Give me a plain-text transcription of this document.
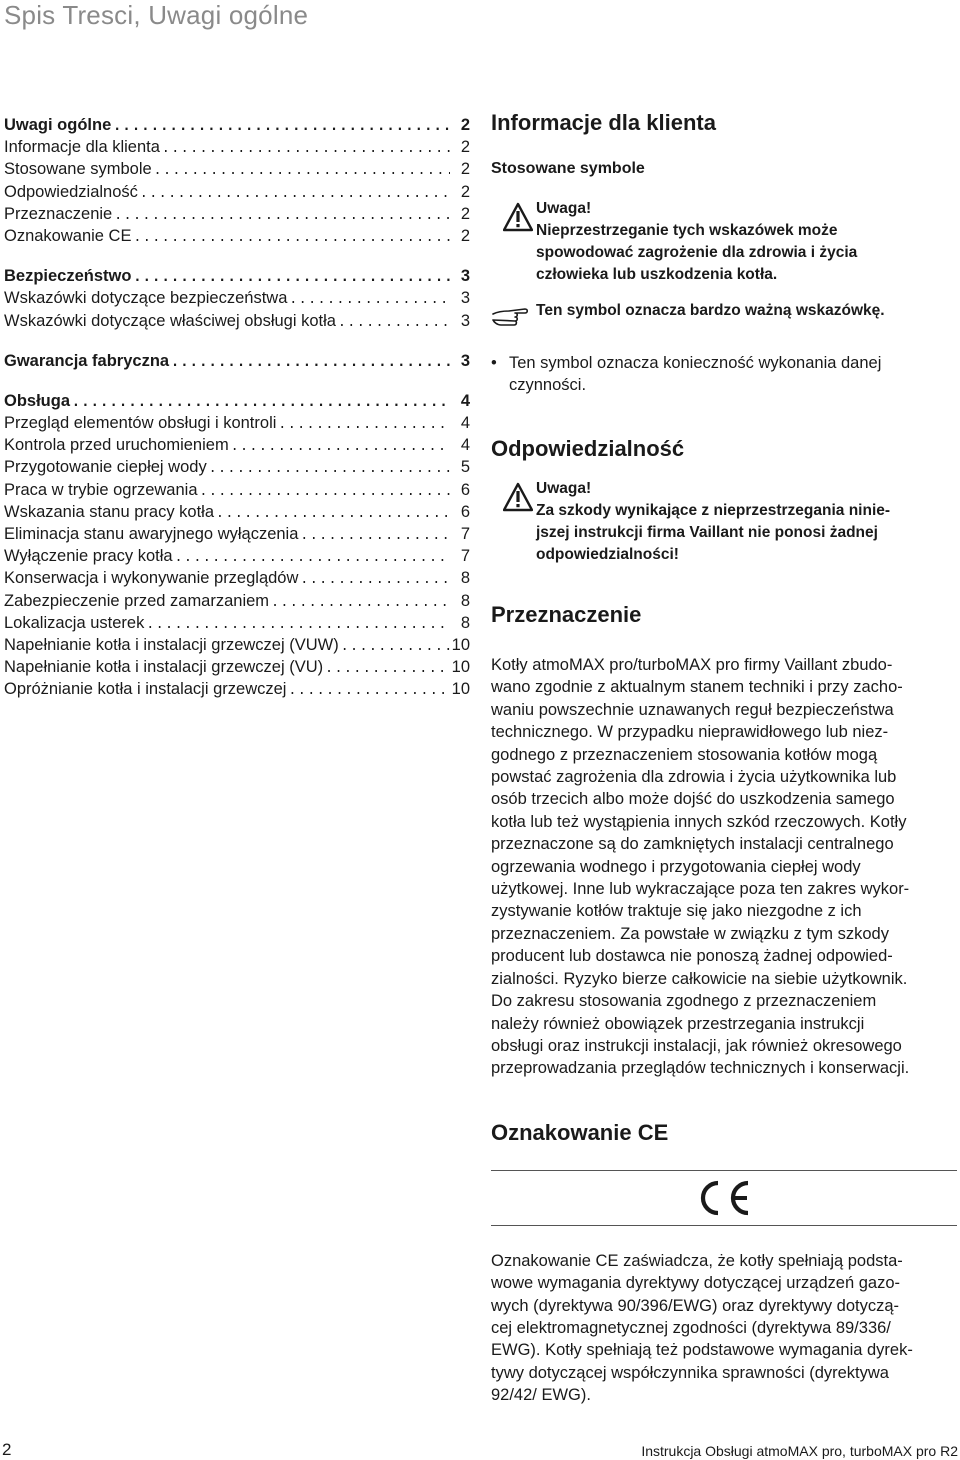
Spis Tresci, Uwagi ogólne
Uwagi ogólne .....	2
Informacje dla klienta .....	2
Stosowane symbole .....	2
Odpowiedzialność .....	2
Przeznaczenie .....	2
Oznakowanie CE .....	2
Bezpieczeństwo .....	3
Wskazówki dotyczące bezpieczeństwa .....	3
Wskazówki dotyczące właściwej obsługi kotła .....	3
Gwarancja fabryczna .....	3
Obsługa .....	4
Przegląd elementów obsługi i kontroli .....	4
Kontrola przed uruchomieniem .....	4
Przygotowanie ciepłej wody .....	5
Praca w trybie ogrzewania .....	6
Wskazania stanu pracy kotła .....	6
Eliminacja stanu awaryjnego wyłączenia .....	7
Wyłączenie pracy kotła .....	7
Konserwacja i wykonywanie przeglądów .....	8
Zabezpieczenie przed zamarzaniem .....	8
Lokalizacja usterek .....	8
Napełnianie kotła i instalacji grzewczej (VUW) .....	10
Napełnianie kotła i instalacji grzewczej (VU) .....	10
Opróżnianie kotła i instalacji grzewczej .....	10
Informacje dla klienta
Stosowane symbole
Uwaga!
Nieprzestrzeganie tych wskazówek może
spowodować zagrożenie dla zdrowia i życia
człowieka lub uszkodzenia kotła.
Ten symbol oznacza bardzo ważną wskazówkę.
• Ten symbol oznacza konieczność wykonania danej
czynności.
Odpowiedzialność
Uwaga!
Za szkody wynikające z nieprzestrzegania ninie-
jszej instrukcji firma Vaillant nie ponosi żadnej
odpowiedzialności!
Przeznaczenie
Kotły atmoMAX pro/turboMAX pro firmy Vaillant zbudo-
wano zgodnie z aktualnym stanem techniki i przy zacho-
waniu powszechnie uznawanych reguł bezpieczeństwa
technicznego. W przypadku nieprawidłowego lub niez-
godnego z przeznaczeniem stosowania kotłów mogą
powstać zagrożenia dla zdrowia i życia użytkownika lub
osób trzecich albo może dojść do uszkodzenia samego
kotła lub też wystąpienia innych szkód rzeczowych. Kotły
przeznaczone są do zamkniętych instalacji centralnego
ogrzewania wodnego i przygotowania ciepłej wody
użytkowej. Inne lub wykraczające poza ten zakres wykor-
zystywanie kotłów traktuje się jako niezgodne z ich
przeznaczeniem. Za powstałe w związku z tym szkody
producent lub dostawca nie ponoszą żadnej odpowied-
zialności. Ryzyko bierze całkowicie na siebie użytkownik.
Do zakresu stosowania zgodnego z przeznaczeniem
należy również obowiązek przestrzegania instrukcji
obsługi oraz instrukcji instalacji, jak również okresowego
przeprowadzania przeglądów technicznych i konserwacji.
Oznakowanie CE
Oznakowanie CE zaświadcza, że kotły spełniają podsta-
wowe wymagania dyrektywy dotyczącej urządzeń gazo-
wych (dyrektywa 90/396/EWG) oraz dyrektywy dotyczą-
cej elektromagnetycznej zgodności (dyrektywa 89/336/
EWG). Kotły spełniają też podstawowe wymagania dyrek-
tywy dotyczącej współczynnika sprawności (dyrektywa
92/42/ EWG).
2	Instrukcja Obsługi atmoMAX pro, turboMAX pro R2
